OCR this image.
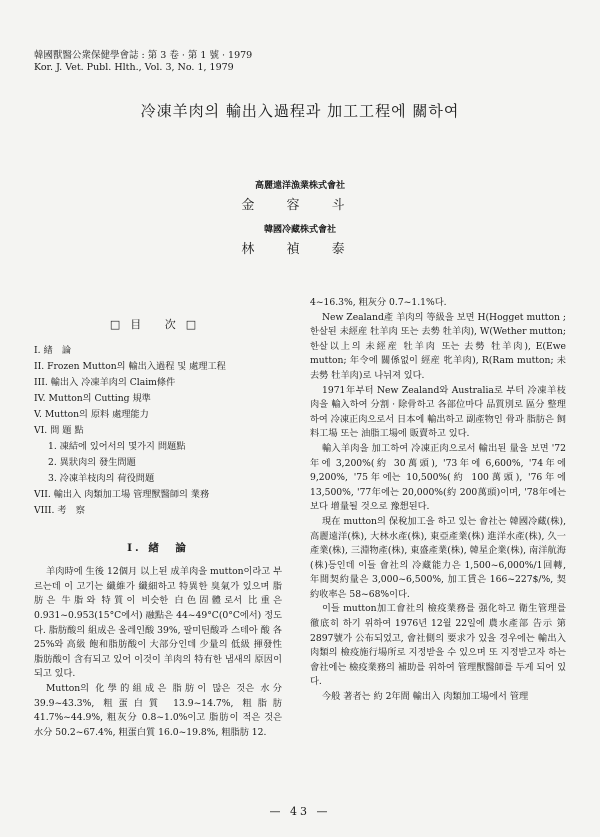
韓國獸醫公衆保健學會誌 : 第 3 卷 · 第 1 號 · 1979
Kor. J. Vet. Publ. Hlth., Vol. 3, No. 1, 1979
冷凍羊肉의 輸出入過程과 加工工程에 關하여
高麗遠洋漁業株式會社
金 容 斗
韓國冷藏株式會社
林 禎 泰
□目 次□
I. 緖　論
II. Frozen Mutton의 輸出入過程 및 處理工程
III. 輸出入 冷凍羊肉의 Claim條件
IV. Mutton의 Cutting 規準
V. Mutton의 原料 處理能力
VI. 問 題 點
1. 凍結에 있어서의 몇가지 問題點
2. 異狀肉의 發生問題
3. 冷凍羊枝肉의 荷役問題
VII. 輸出入 肉類加工場 管理獸醫師의 業務
VIII. 考　察
I. 緖　論

羊肉時에 生後 12個月 以上된 成羊肉을 mutton이라고 부르는데 이 고기는 纖維가 纖細하고 特異한 臭氣가 있으며 脂肪은 牛脂와 特質이 비슷한 白色固體로서 比重은 0.931~0.953(15°C에서) 融點은 44~49°C(0°C에서) 정도다. 脂肪酸의 組成은 올레인酸 39%, 팔미틴酸과 스테아 酸 各 25%와 高級 飽和脂肪酸이 大部分인데 少量의 低級 揮發性 脂肪酸이 含有되고 있어 이것이 羊肉의 特有한 냄새의 原因이 되고 있다.

Mutton의 化學的組成은 脂肪이 많은 것은 水分 39.9~43.3%, 粗蛋白質 13.9~14.7%, 粗脂肪 41.7%~44.9%, 粗灰分 0.8~1.0%이고 脂肪이 적은 것은 水分 50.2~67.4%, 粗蛋白質 16.0~19.8%, 粗脂肪 12.

4~16.3%, 粗灰分 0.7~1.1%다.

New Zealand產 羊肉의 等級을 보면 H(Hogget mutton ; 한살된 未經産 牡羊肉 또는 去勢 牡羊肉), W(Wether mutton; 한살以上의 未經産 牡羊肉 또는 去勢 牡羊肉), E(Ewe mutton; 年令에 關係없이 經産 牝羊肉), R(Ram mutton; 未去勢 牡羊肉)로 나뉘져 있다.

1971年부터 New Zealand와 Australia로 부터 冷凍羊枝肉을 輸入하여 分割 · 除骨하고 各部位마다 品質別로 區分 整理하여 冷凍正肉으로서 日本에 輸出하고 副產物인 骨과 脂肪은 飼料工場 또는 油脂工場에 販賣하고 있다.

輸入羊肉을 加工하여 冷凍正肉으로서 輸出된 量을 보면 '72年에 3,200%(約 30萬頭), '73年에 6,600%, '74年에 9,200%, '75年에는 10,500%(約 100萬頭), '76年에 13,500%, '77年에는 20,000%(約 200萬頭)이며, '78年에는 보다 增量될 것으로 豫想된다.

現在 mutton의 保稅加工을 하고 있는 會社는 韓國冷藏(株), 高麗遠洋(株), 大林水產(株), 東亞產業(株) 進洋水產(株), 久一產業(株), 三淵物產(株), 東盛產業(株), 韓星企業(株), 南洋航海(株)등인데 이들 會社의 冷藏能力은 1,500~6,000%/1回轉, 年間契約量은 3,000~6,500%, 加工賃은 166~227$/%, 契約收率은 58~68%이다.

이들 mutton加工會社의 檢疫業務를 强化하고 衛生管理를 徹底히 하기 위하여 1976년 12월 22일에 農水產部 告示 第2897號가 公布되었고, 會社側의 要求가 있을 경우에는 輸出入 肉類의 檢疫施行場所로 지정받을 수 있으며 또 지정받고자 하는 會社에는 檢疫業務의 補助를 위하여 管理獸醫師를 두게 되어 있다.

今般 著者는 約 2年間 輸出入 肉類加工場에서 管理

— 43 —
